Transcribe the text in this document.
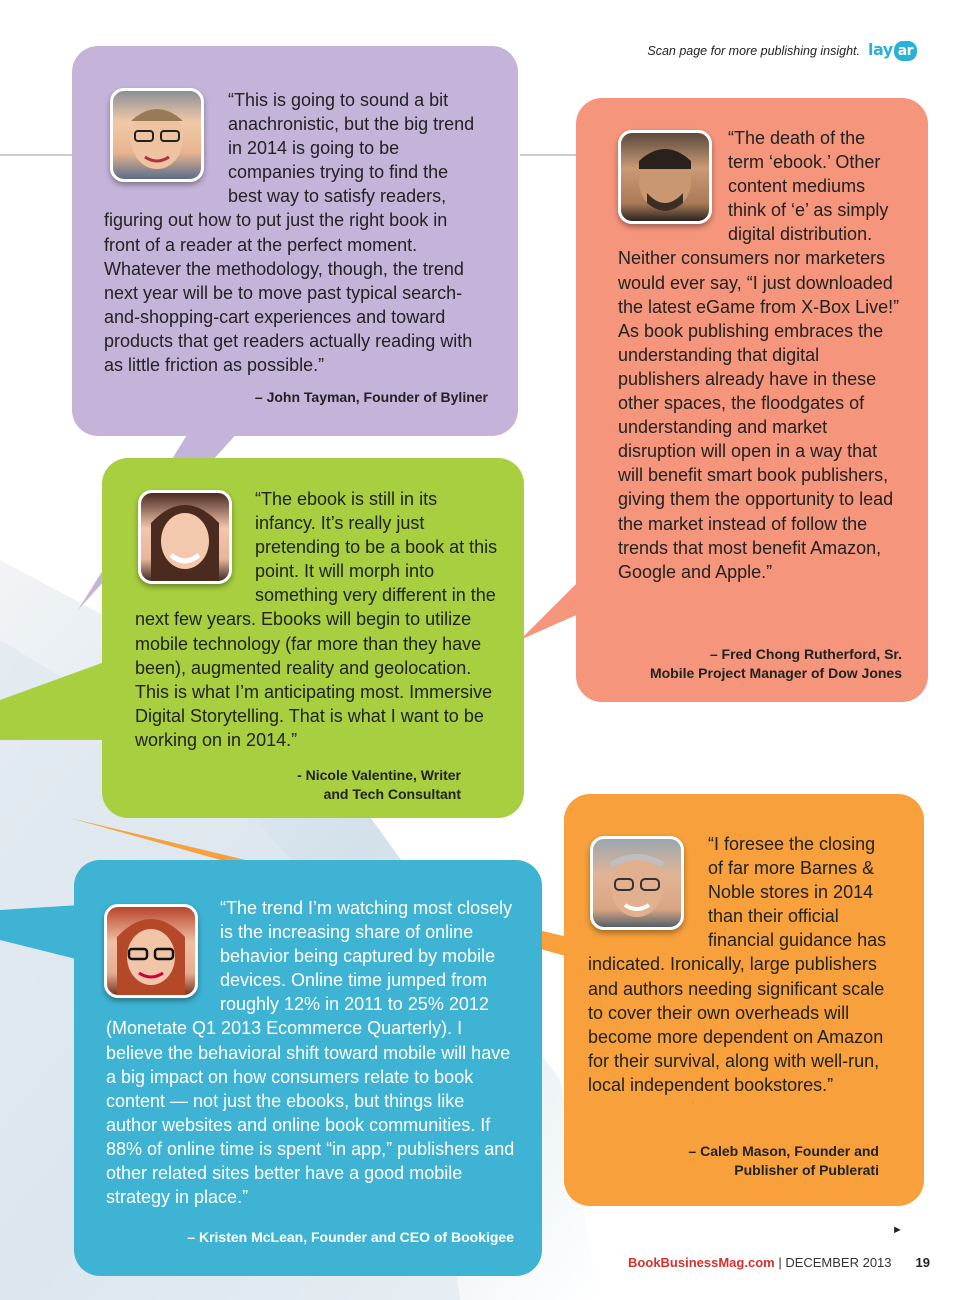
Scan page for more publishing insight. lay ar

“This is going to sound a bit anachronistic, but the big trend in 2014 is going to be companies trying to find the best way to satisfy readers, figuring out how to put just the right book in front of a reader at the perfect moment. Whatever the methodology, though, the trend next year will be to move past typical search-and-shopping-cart experiences and toward products that get readers actually reading with as little friction as possible.”

– John Tayman, Founder of Byliner

“The death of the term ‘ebook.’ Other content mediums think of ‘e’ as simply digital distribution. Neither consumers nor marketers would ever say, “I just downloaded the latest eGame from X-Box Live!” As book publishing embraces the understanding that digital publishers already have in these other spaces, the floodgates of understanding and market disruption will open in a way that will benefit smart book publishers, giving them the opportunity to lead the market instead of follow the trends that most benefit Amazon, Google and Apple.”

– Fred Chong Rutherford, Sr.
Mobile Project Manager of Dow Jones

“The ebook is still in its infancy. It’s really just pretending to be a book at this point. It will morph into something very different in the next few years. Ebooks will begin to utilize mobile technology (far more than they have been), augmented reality and geolocation. This is what I’m anticipating most. Immersive Digital Storytelling. That is what I want to be working on in 2014.”

- Nicole Valentine, Writer
and Tech Consultant

“I foresee the closing of far more Barnes & Noble stores in 2014 than their official financial guidance has indicated. Ironically, large publishers and authors needing significant scale to cover their own overheads will become more dependent on Amazon for their survival, along with well-run, local independent bookstores.”

– Caleb Mason, Founder and
Publisher of Publerati

“The trend I’m watching most closely is the increasing share of online behavior being captured by mobile devices. Online time jumped from roughly 12% in 2011 to 25% 2012 (Monetate Q1 2013 Ecommerce Quarterly). I believe the behavioral shift toward mobile will have a big impact on how consumers relate to book content — not just the ebooks, but things like author websites and online book communities. If 88% of online time is spent “in app,” publishers and other related sites better have a good mobile strategy in place.”

– Kristen McLean, Founder and CEO of Bookigee	►
BookBusinessMag.com | DECEMBER 2013 19
